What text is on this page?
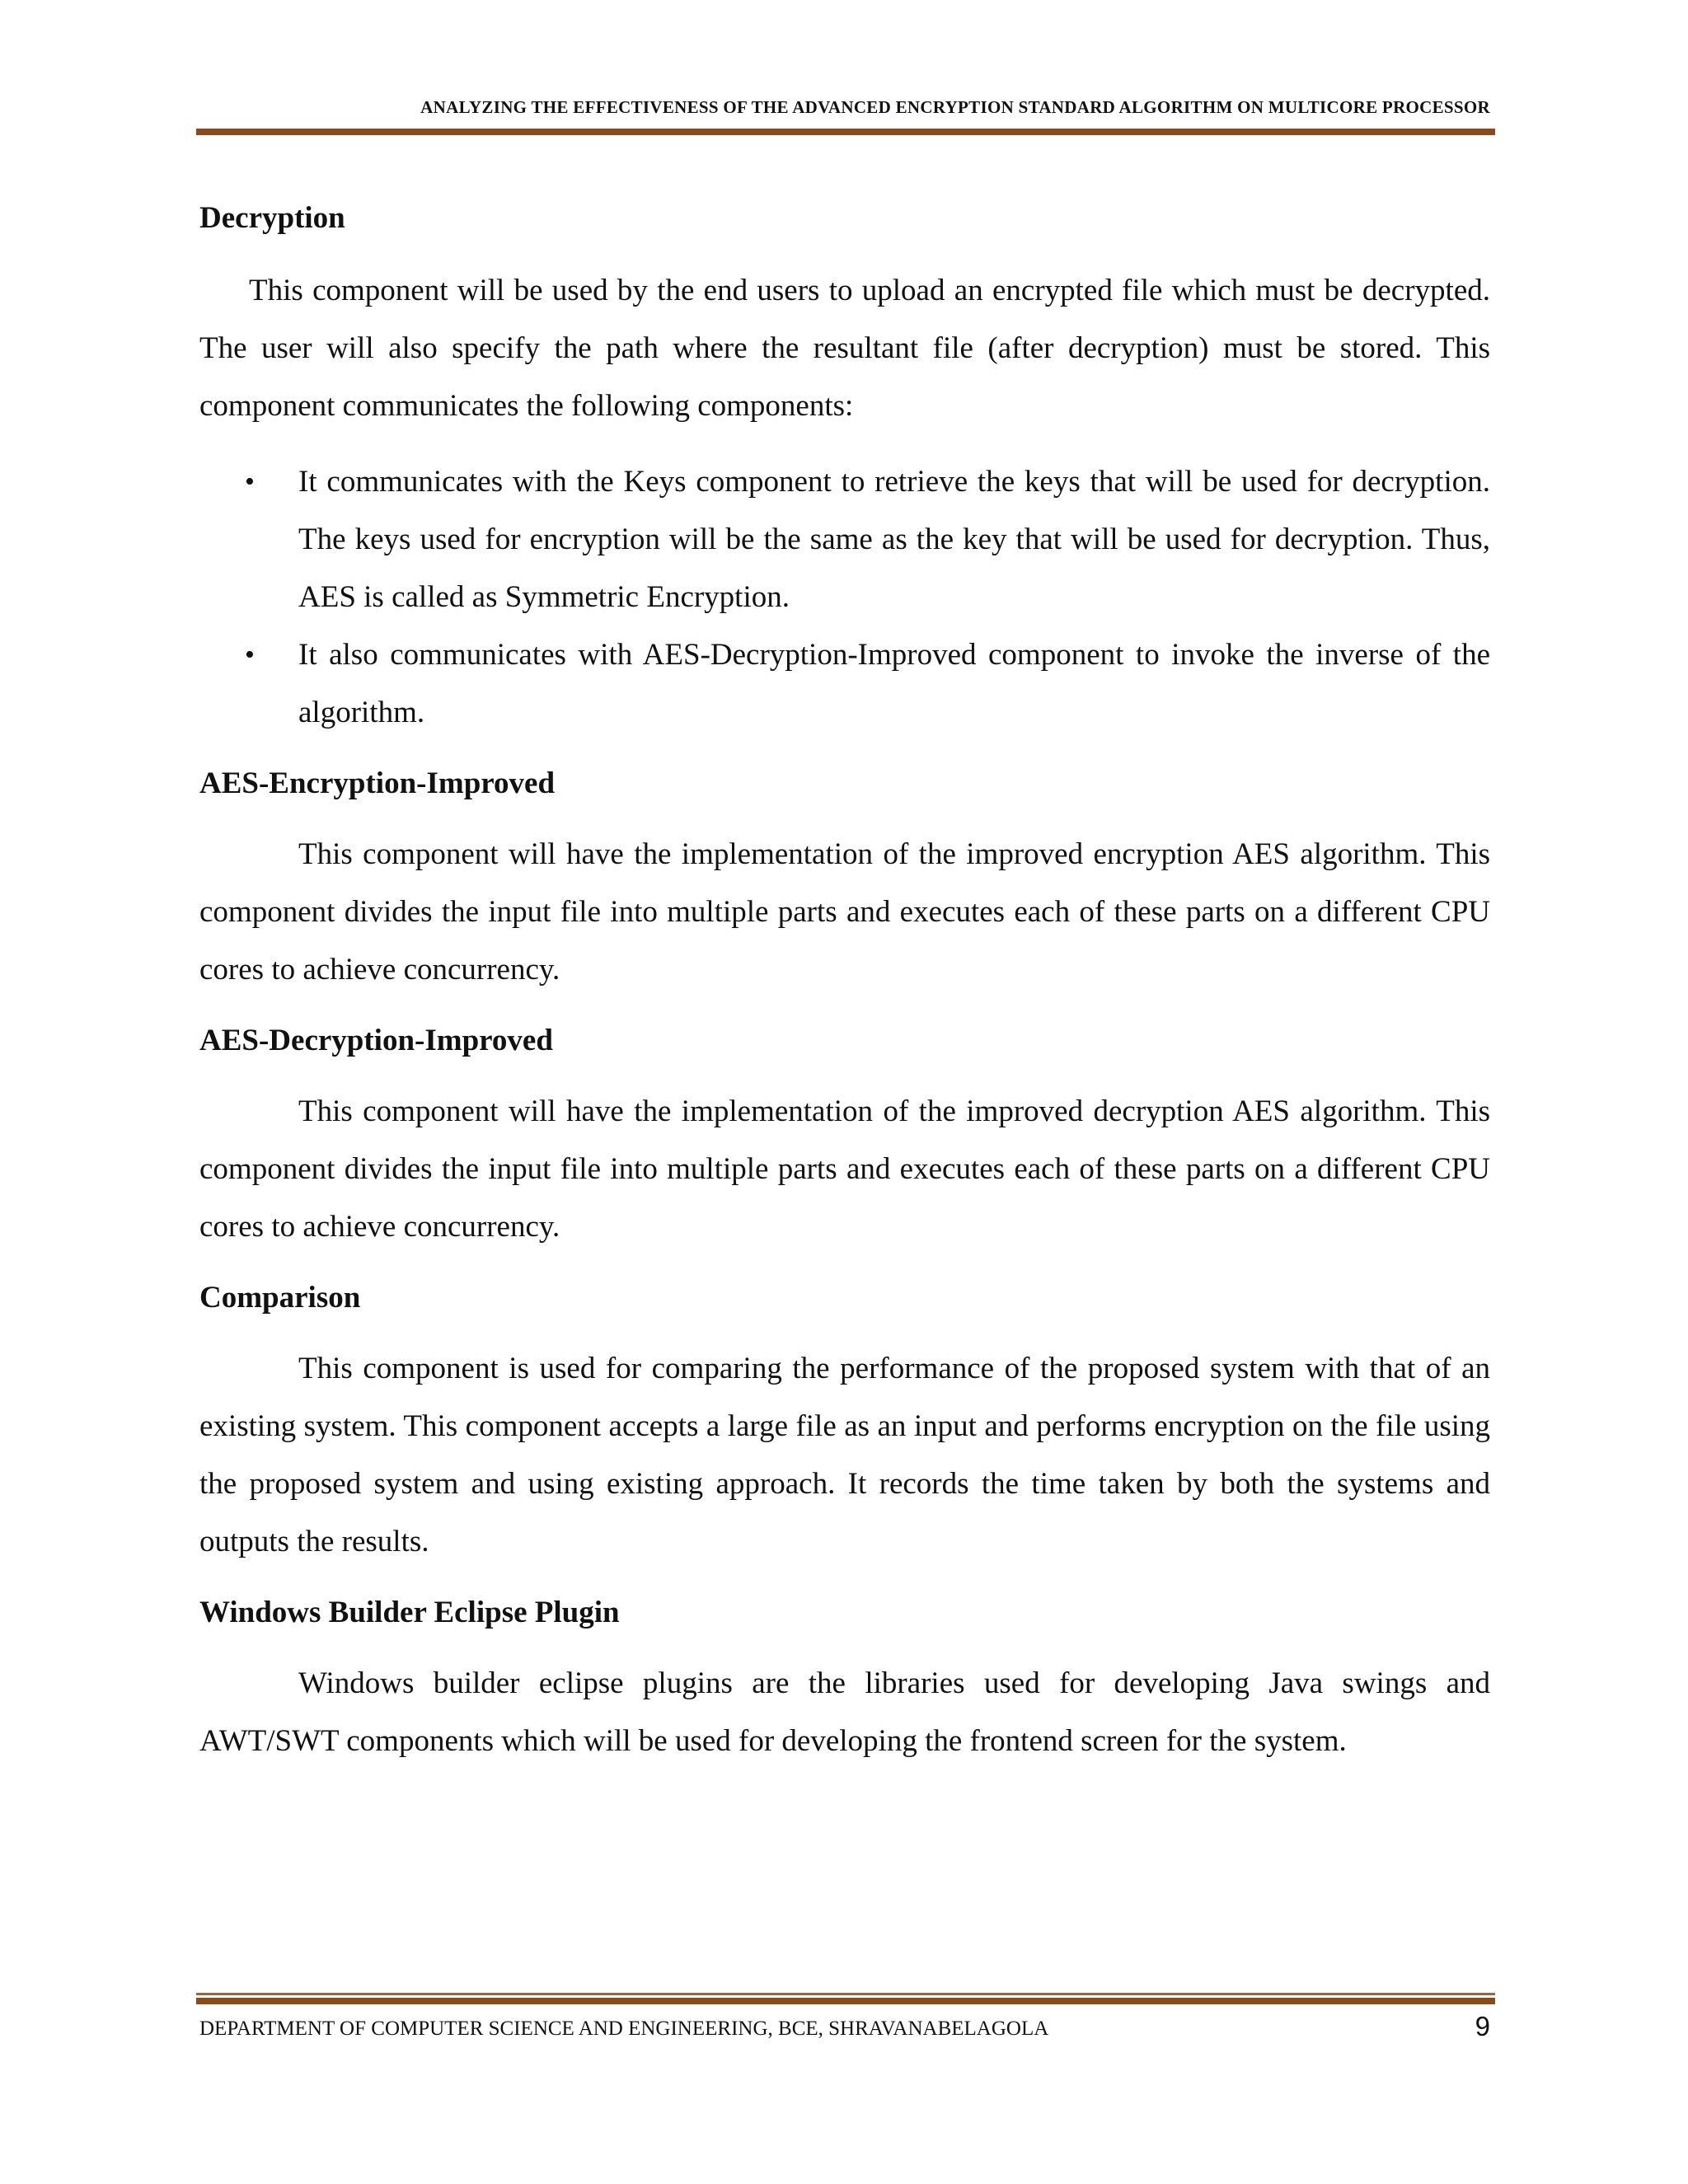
ANALYZING THE EFFECTIVENESS OF THE ADVANCED ENCRYPTION STANDARD ALGORITHM ON MULTICORE PROCESSOR
Decryption

This component will be used by the end users to upload an encrypted file which must be decrypted. The user will also specify the path where the resultant file (after decryption) must be stored. This component communicates the following components:

• It communicates with the Keys component to retrieve the keys that will be used for decryption. The keys used for encryption will be the same as the key that will be used for decryption. Thus, AES is called as Symmetric Encryption.
• It also communicates with AES-Decryption-Improved component to invoke the inverse of the algorithm.
AES-Encryption-Improved

This component will have the implementation of the improved encryption AES algorithm. This component divides the input file into multiple parts and executes each of these parts on a different CPU cores to achieve concurrency.

AES-Decryption-Improved

This component will have the implementation of the improved decryption AES algorithm. This component divides the input file into multiple parts and executes each of these parts on a different CPU cores to achieve concurrency.

Comparison

This component is used for comparing the performance of the proposed system with that of an existing system. This component accepts a large file as an input and performs encryption on the file using the proposed system and using existing approach. It records the time taken by both the systems and outputs the results.

Windows Builder Eclipse Plugin

Windows builder eclipse plugins are the libraries used for developing Java swings and AWT/SWT components which will be used for developing the frontend screen for the system.

DEPARTMENT OF COMPUTER SCIENCE AND ENGINEERING, BCE, SHRAVANABELAGOLA	9
